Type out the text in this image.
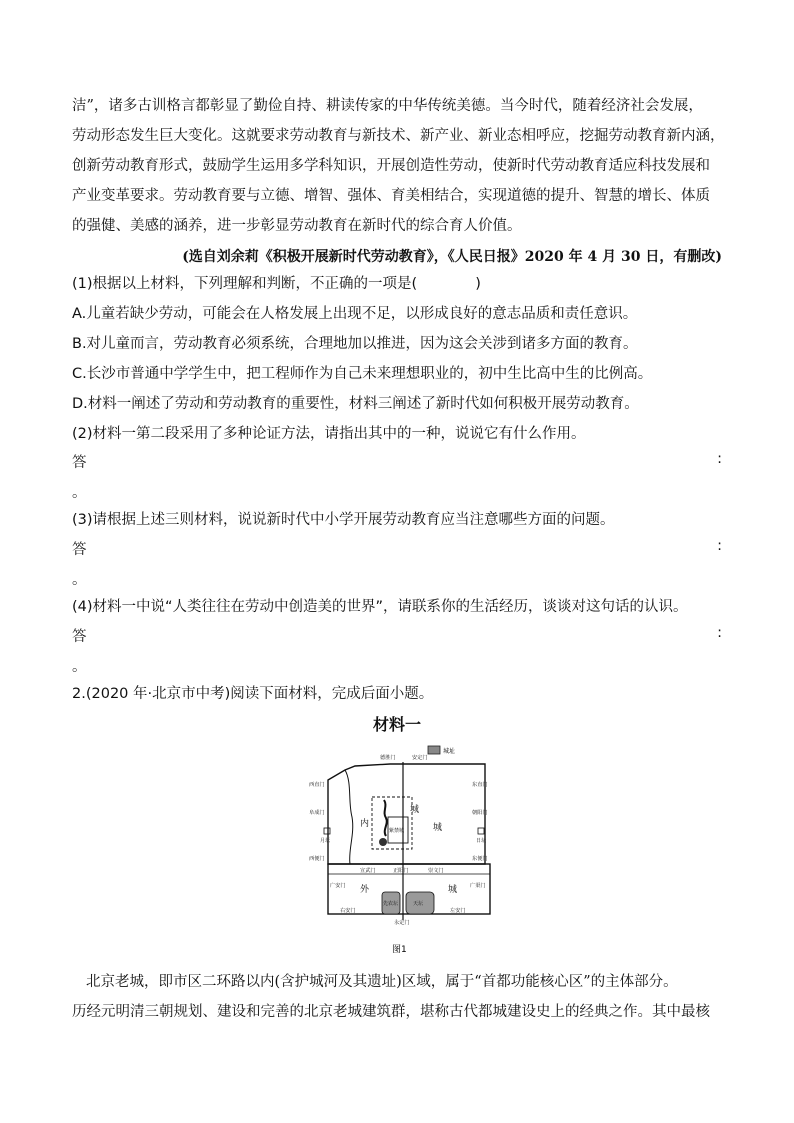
洁”，诸多古训格言都彰显了勤俭自持、耕读传家的中华传统美德。当今时代，随着经济社会发展，
劳动形态发生巨大变化。这就要求劳动教育与新技术、新产业、新业态相呼应，挖掘劳动教育新内涵，
创新劳动教育形式，鼓励学生运用多学科知识，开展创造性劳动，使新时代劳动教育适应科技发展和
产业变革要求。劳动教育要与立德、增智、强体、育美相结合，实现道德的提升、智慧的增长、体质
的强健、美感的涵养，进一步彰显劳动教育在新时代的综合育人价值。
(选自刘余莉《积极开展新时代劳动教育》，《人民日报》2020 年 4 月 30 日，有删改)
(1)根据以上材料，下列理解和判断，不正确的一项是(	)
A.儿童若缺少劳动，可能会在人格发展上出现不足，以形成良好的意志品质和责任意识。
B.对儿童而言，劳动教育必须系统，合理地加以推进，因为这会关涉到诸多方面的教育。
C.长沙市普通中学学生中，把工程师作为自己未来理想职业的，初中生比高中生的比例高。
D.材料一阐述了劳动和劳动教育的重要性，材料三阐述了新时代如何积极开展劳动教育。
(2)材料一第二段采用了多种论证方法，请指出其中的一种，说说它有什么作用。
答	:
。
(3)请根据上述三则材料，说说新时代中小学开展劳动教育应当注意哪些方面的问题。
答	:
。
(4)材料一中说“人类往往在劳动中创造美的世界”，请联系你的生活经历，谈谈对这句话的认识。
答	:
。
2.(2020 年·北京市中考)阅读下面材料，完成后面小题。
材料一
城址
德胜门	安定门
西直门	东直门
阜成门	朝阳门
西便门	东便门
宣武门	正阳门	崇文门
广安门	广渠门
右安门	左安门
永定门
内
城
城
外	城
紫禁城
月坛	日坛
先农坛	天坛
图1
北京老城，即市区二环路以内(含护城河及其遗址)区域，属于“首都功能核心区”的主体部分。
历经元明清三朝规划、建设和完善的北京老城建筑群，堪称古代都城建设史上的经典之作。其中最核
